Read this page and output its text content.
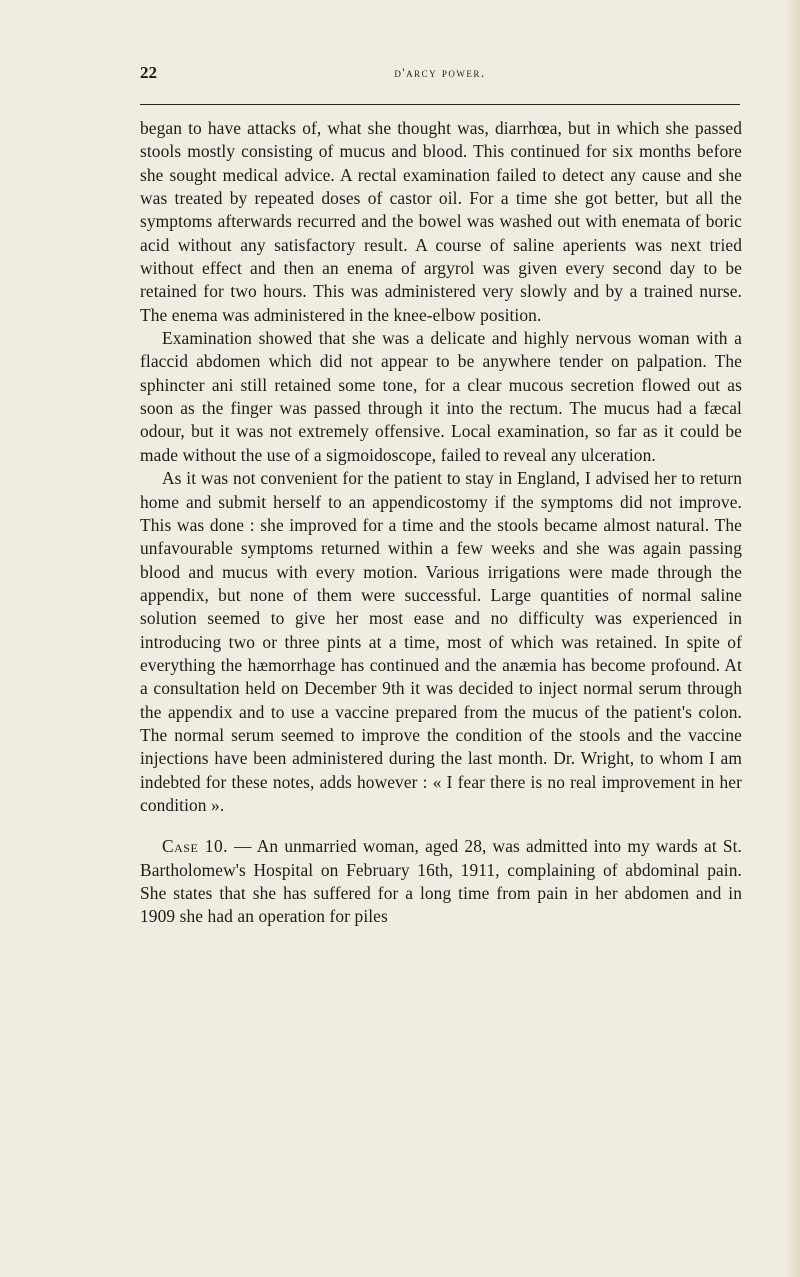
22	d'arcy power.

began to have attacks of, what she thought was, diarrhœa, but in which she passed stools mostly consisting of mucus and blood. This continued for six months before she sought medical advice. A rectal examination failed to detect any cause and she was treated by repeated doses of castor oil. For a time she got better, but all the symptoms afterwards recurred and the bowel was washed out with enemata of boric acid without any satisfactory result. A course of saline aperients was next tried without effect and then an enema of argyrol was given every second day to be retained for two hours. This was administered very slowly and by a trained nurse. The enema was administered in the knee-elbow position.

Examination showed that she was a delicate and highly nervous woman with a flaccid abdomen which did not appear to be anywhere tender on palpation. The sphincter ani still retained some tone, for a clear mucous secretion flowed out as soon as the finger was passed through it into the rectum. The mucus had a fæcal odour, but it was not extremely offensive. Local examination, so far as it could be made without the use of a sigmoidoscope, failed to reveal any ulceration.

As it was not convenient for the patient to stay in England, I advised her to return home and submit herself to an appendicostomy if the symptoms did not improve. This was done : she improved for a time and the stools became almost natural. The unfavourable symptoms returned within a few weeks and she was again passing blood and mucus with every motion. Various irrigations were made through the appendix, but none of them were successful. Large quantities of normal saline solution seemed to give her most ease and no difficulty was experienced in introducing two or three pints at a time, most of which was retained. In spite of everything the hæmorrhage has continued and the anæmia has become profound. At a consultation held on December 9th it was decided to inject normal serum through the appendix and to use a vaccine prepared from the mucus of the patient's colon. The normal serum seemed to improve the condition of the stools and the vaccine injections have been administered during the last month. Dr. Wright, to whom I am indebted for these notes, adds however : « I fear there is no real improvement in her condition ».

Case 10. — An unmarried woman, aged 28, was admitted into my wards at St. Bartholomew's Hospital on February 16th, 1911, complaining of abdominal pain. She states that she has suffered for a long time from pain in her abdomen and in 1909 she had an operation for piles
